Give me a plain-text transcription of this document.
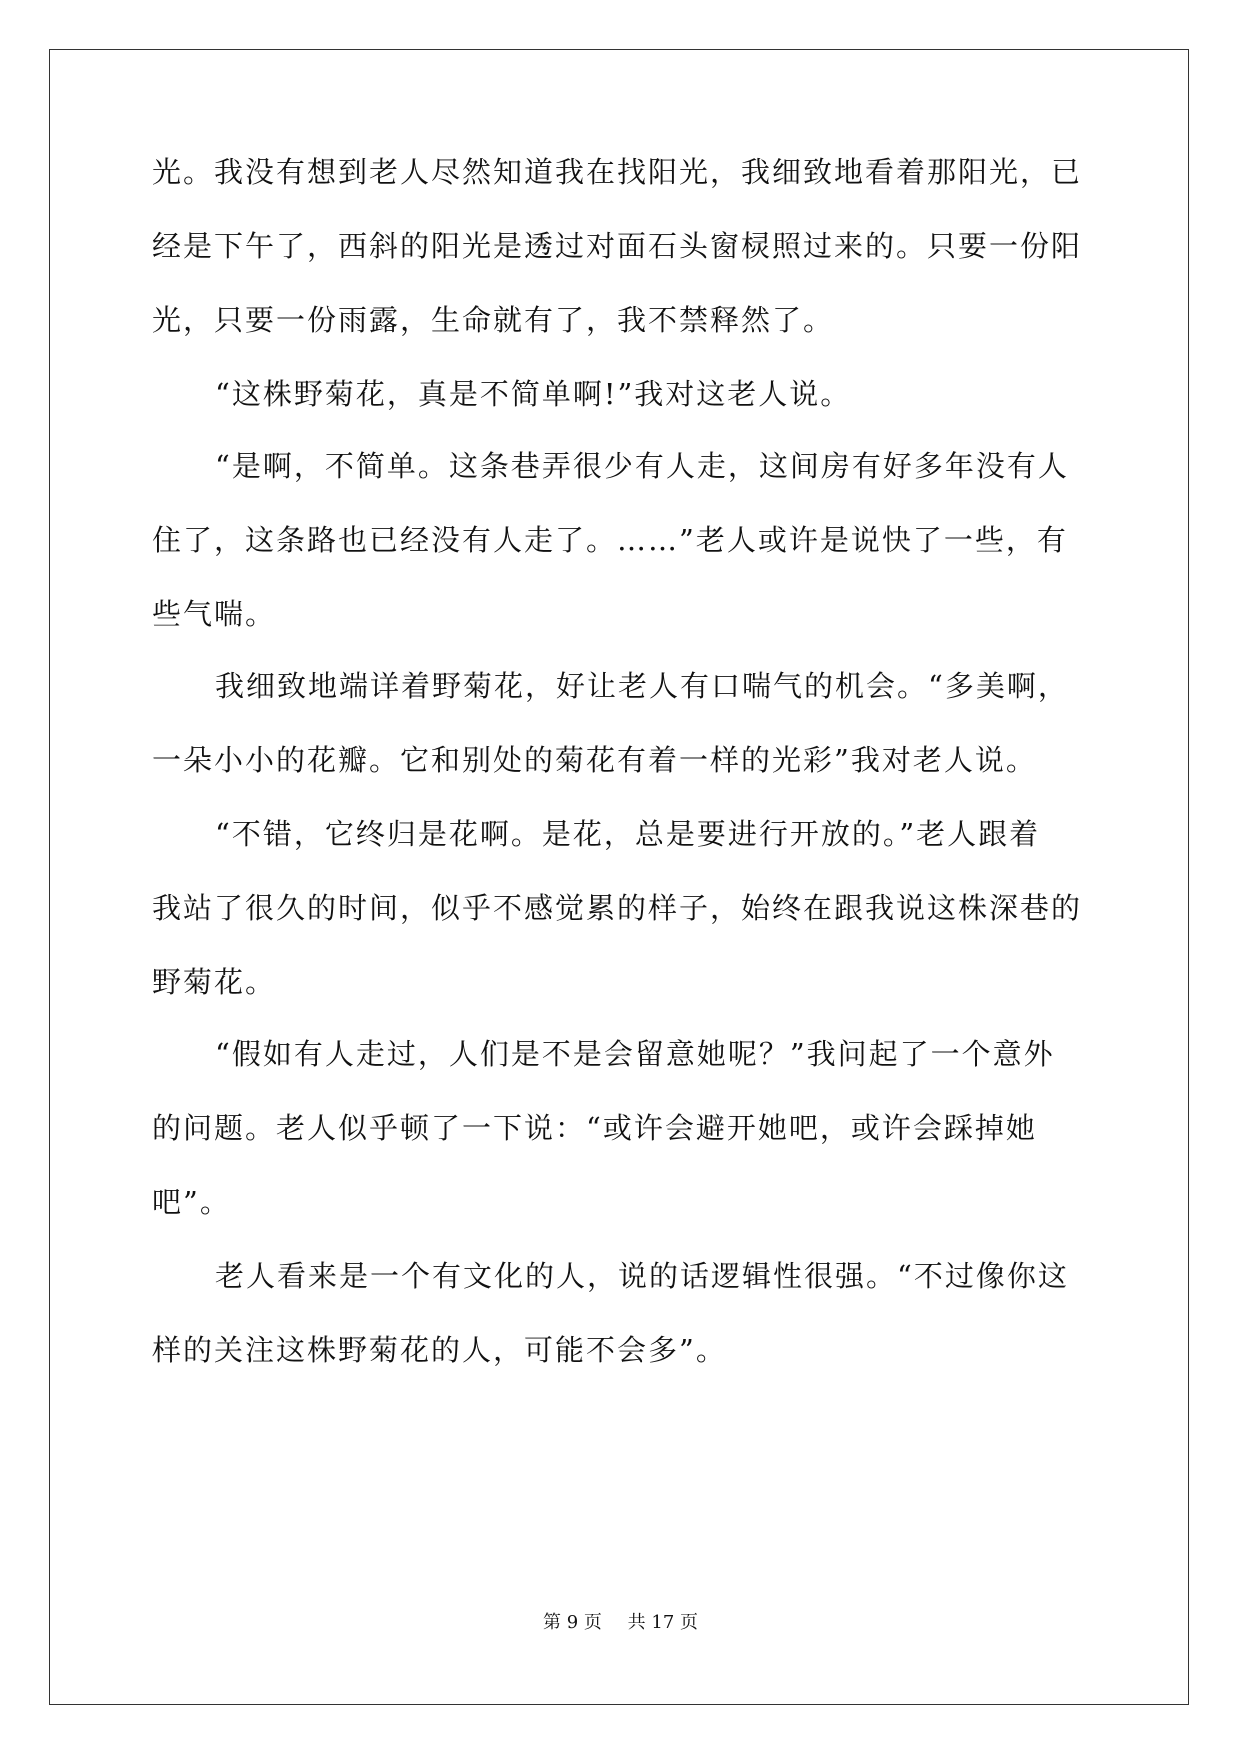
光。我没有想到老人尽然知道我在找阳光，我细致地看着那阳光，已
经是下午了，西斜的阳光是透过对面石头窗棂照过来的。只要一份阳
光，只要一份雨露，生命就有了，我不禁释然了。
“这株野菊花，真是不简单啊!”我对这老人说。
“是啊，不简单。这条巷弄很少有人走，这间房有好多年没有人
住了，这条路也已经没有人走了。……”老人或许是说快了一些，有
些气喘。
我细致地端详着野菊花，好让老人有口喘气的机会。“多美啊，
一朵小小的花瓣。它和别处的菊花有着一样的光彩”我对老人说。
“不错，它终归是花啊。是花，总是要进行开放的。”老人跟着
我站了很久的时间，似乎不感觉累的样子，始终在跟我说这株深巷的
野菊花。
“假如有人走过，人们是不是会留意她呢？”我问起了一个意外
的问题。老人似乎顿了一下说：“或许会避开她吧，或许会踩掉她
吧”。
老人看来是一个有文化的人，说的话逻辑性很强。“不过像你这
样的关注这株野菊花的人，可能不会多”。
第 9 页 共 17 页
